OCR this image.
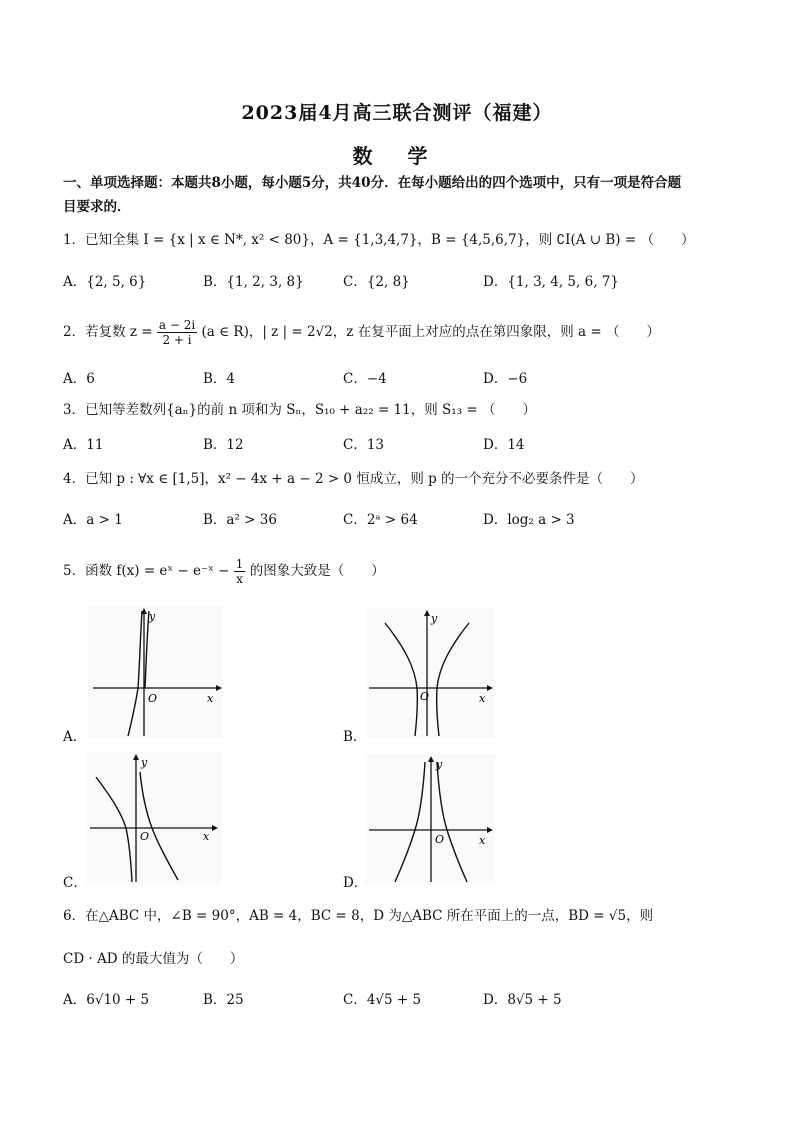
2023届4月高三联合测评（福建）
数 学
一、单项选择题：本题共8小题，每小题5分，共40分．在每小题给出的四个选项中，只有一项是符合题
目要求的．
1．已知全集 I = {x | x ∈ N*, x² < 80}，A = {1,3,4,7}，B = {4,5,6,7}，则 ∁I(A ∪ B) = （　　）
A．{2, 5, 6}	B．{1, 2, 3, 8}	C．{2, 8}	D．{1, 3, 4, 5, 6, 7}
2．若复数 $z = \frac{a - 2i}{2 + i} (a$ ∈ R)，| z | = 2√2，z 在复平面上对应的点在第四象限，则 a = （　　）
A．6	B．4	C．−4	D．−6
3．已知等差数列{aₙ}的前 n 项和为 Sₙ，S₁₀ + a₂₂ = 11，则 S₁₃ = （　　）
A．11	B．12	C．13	D．14
4．已知 p : ∀x ∈ [1,5]，x² − 4x + a − 2 > 0 恒成立，则 p 的一个充分不必要条件是（　　）
A．a > 1	B．a² > 36	C．2ᵃ > 64	D．log₂ a > 3
5．函数 f(x) = eˣ − e⁻ˣ − $\frac{1}{x}$ 的图象大致是（　　）
O	x
y
A．
O	x
y
B．
O	x
y
C．
O	x
y
D．
6．在△ABC 中，∠B = 90°，AB = 4，BC = 8，D 为△ABC 所在平面上的一点，BD = √5，则
CD · AD 的最大值为（　　）
A．6√10 + 5	B．25	C．4√5 + 5	D．8√5 + 5
